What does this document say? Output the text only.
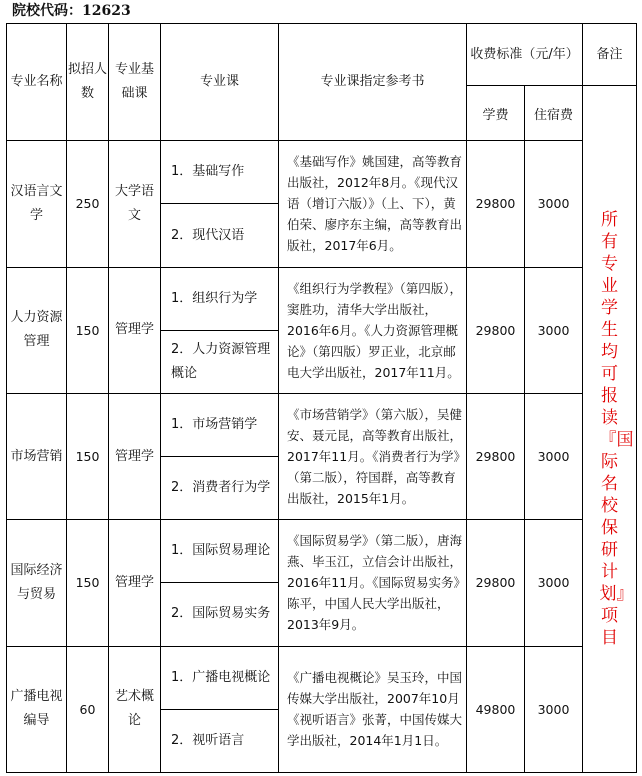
院校代码：12623
专业名称	拟招人数	专业基础课	专业课	专业课指定参考书	收费标准（元/年）		备注
					学费	住宿费	所有专业学生均可报读『国际名校保研计划』项目
汉语言文学	250	大学语文	1．基础写作	《基础写作》姚国建，高等教育出版社，2012年8月。《现代汉语（增订六版）》（上、下），黄伯荣、廖序东主编，高等教育出版社，2017年6月。	29800	3000	
			2．现代汉语				
人力资源管理	150	管理学	1．组织行为学	《组织行为学教程》（第四版），窦胜功，清华大学出版社，2016年6月。《人力资源管理概论》（第四版）罗正业，北京邮电大学出版社，2017年11月。	29800	3000	
			2．人力资源管理概论				
市场营销	150	管理学	1．市场营销学	《市场营销学》（第六版），吴健安、聂元昆，高等教育出版社，2017年11月。《消费者行为学》（第二版），符国群，高等教育出版社，2015年1月。	29800	3000	
			2．消费者行为学				
国际经济与贸易	150	管理学	1．国际贸易理论	《国际贸易学》（第二版），唐海燕、毕玉江，立信会计出版社，2016年11月。《国际贸易实务》陈平，中国人民大学出版社，2013年9月。	29800	3000	
			2．国际贸易实务				
广播电视编导	60	艺术概论	1．广播电视概论	《广播电视概论》吴玉玲，中国传媒大学出版社，2007年10月《视听语言》张菁，中国传媒大学出版社，2014年1月1日。	49800	3000	
			2．视听语言				
